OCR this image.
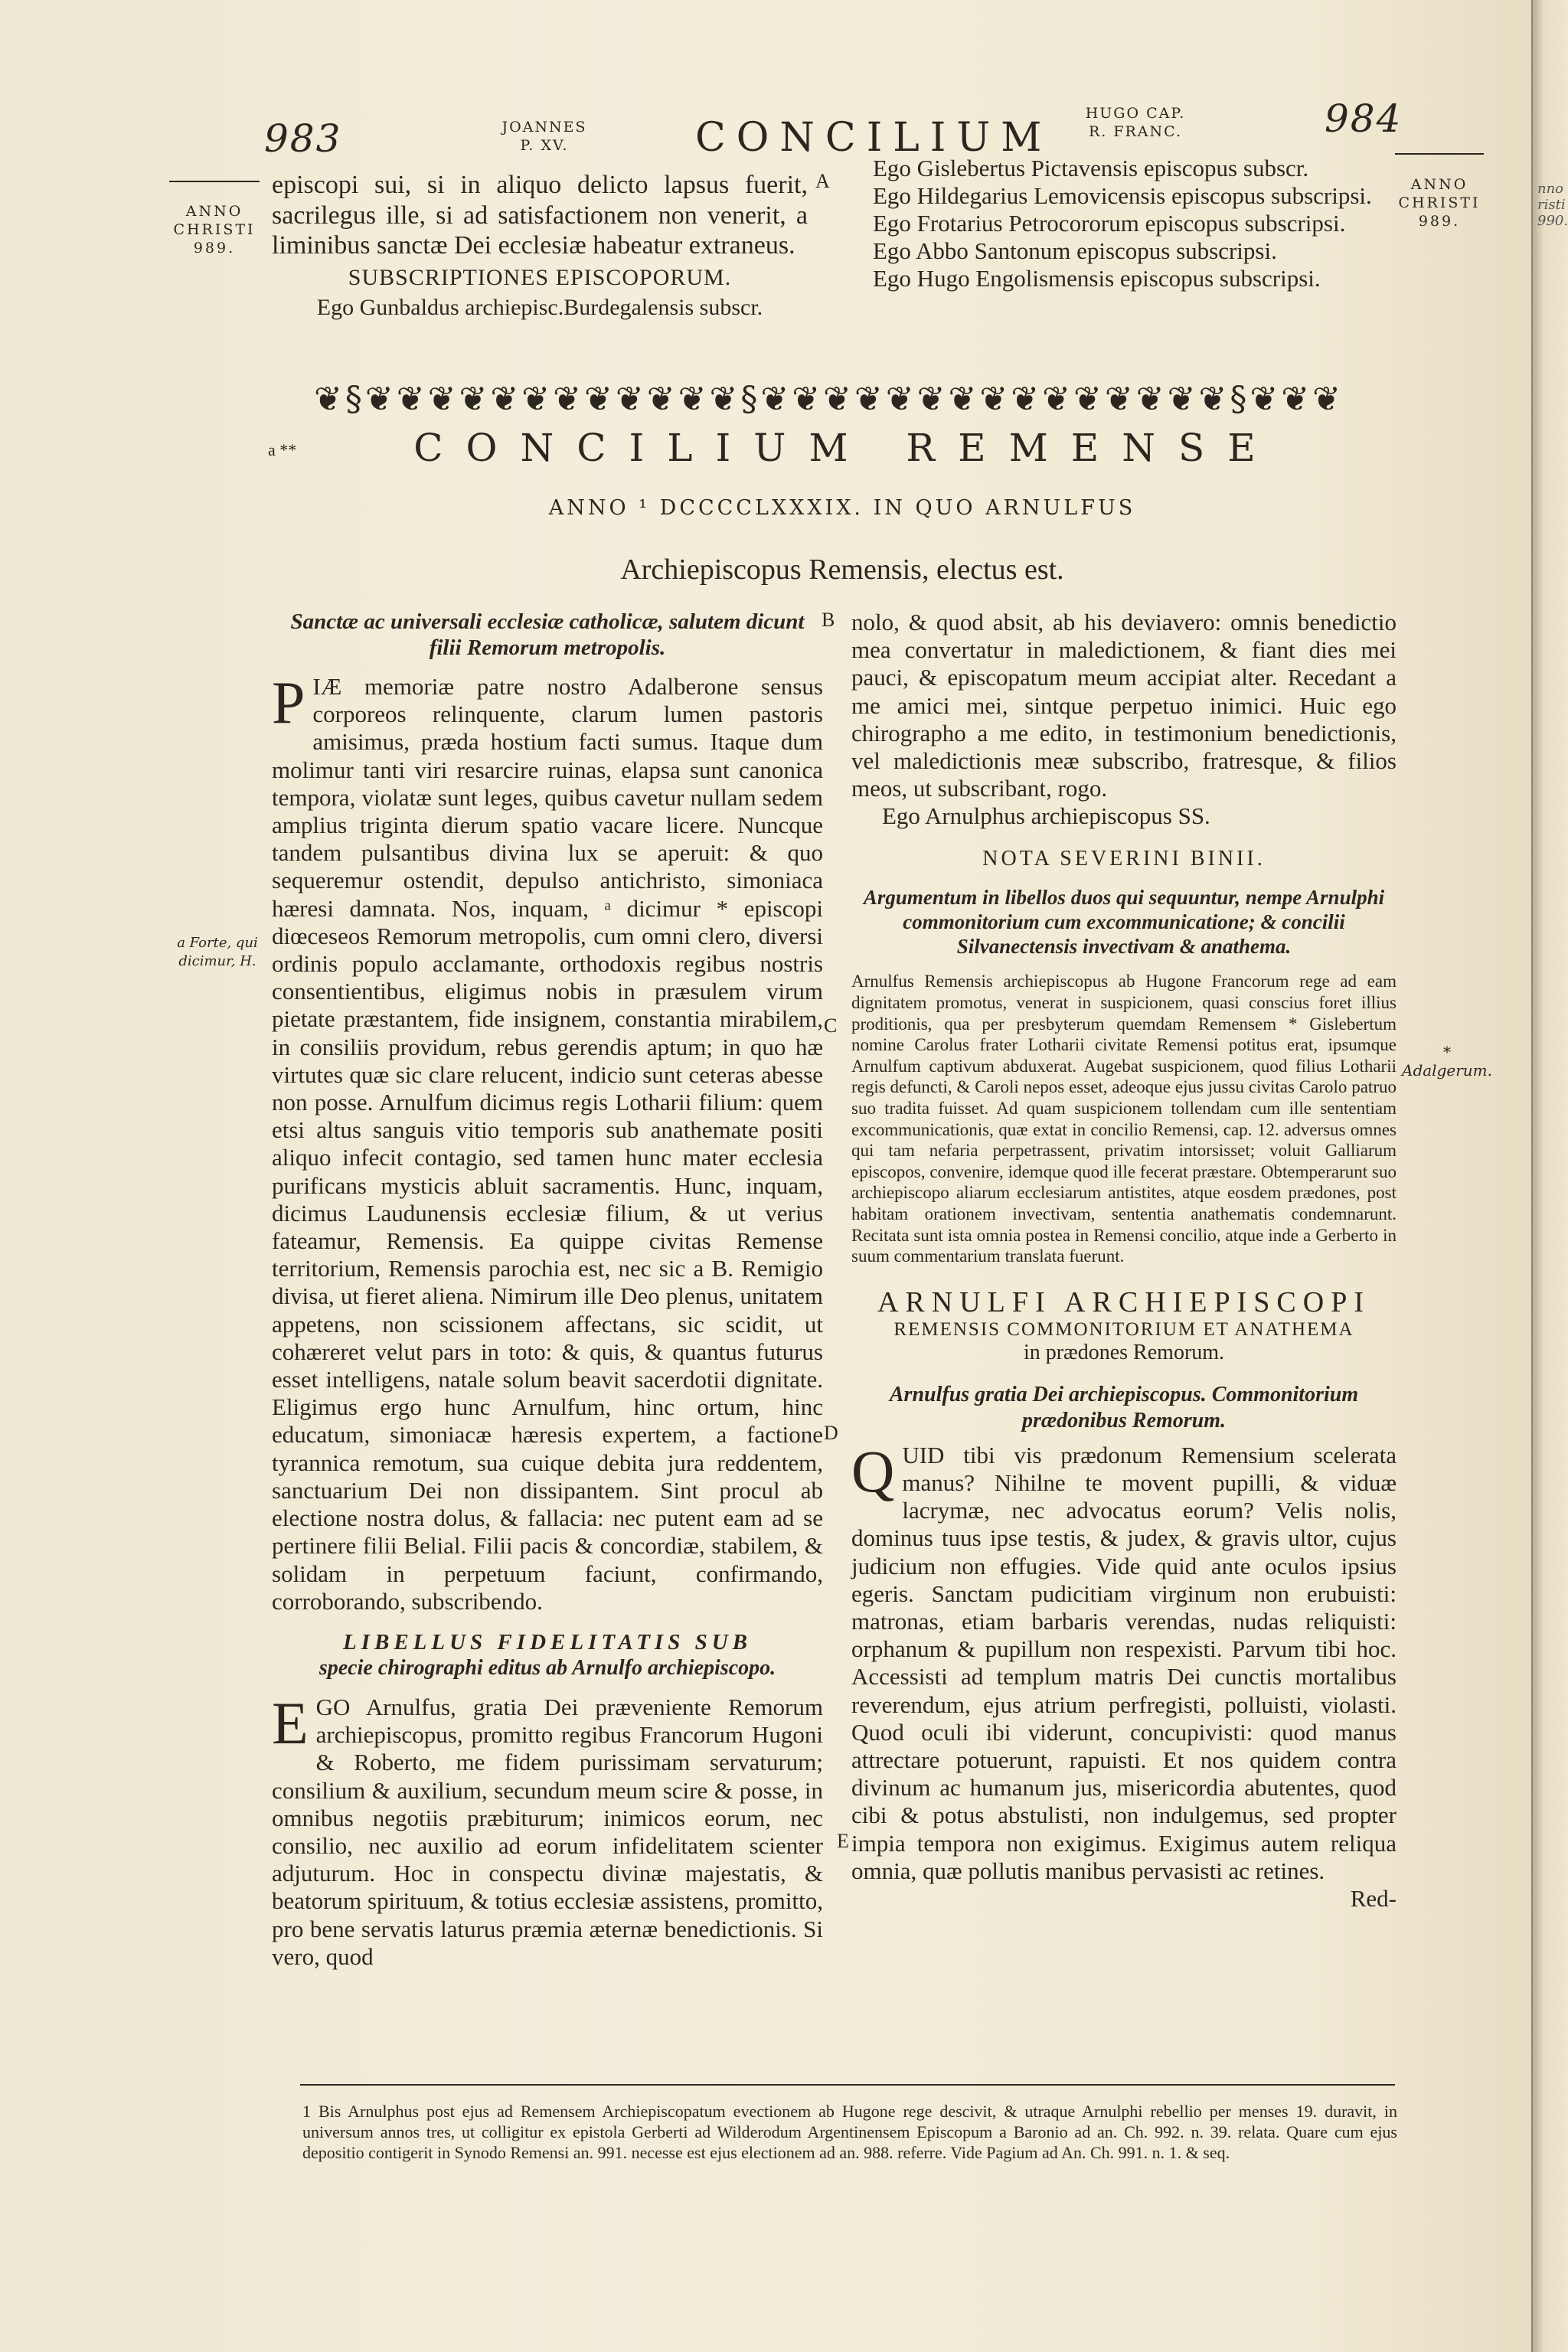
nno
risti
990.
983	JOANNES
P. XV.	CONCILIUM
HUGO CAP.
R. FRANC.	984

ANNO
CHRISTI
989.

ANNO
CHRISTI
989.

A
B
C
D
E
a **

episcopi sui, si in aliquo delicto lapsus fuerit, sacrilegus ille, si ad satisfactionem non venerit, a liminibus sanctæ Dei ecclesiæ habeatur extraneus.

SUBSCRIPTIONES EPISCOPORUM.

Ego Gunbaldus archiepisc.Burdegalensis subscr.

Ego Gislebertus Pictavensis episcopus subscr.

Ego Hildegarius Lemovicensis episcopus subscripsi.

Ego Frotarius Petrocororum episcopus subscripsi.

Ego Abbo Santonum episcopus subscripsi.

Ego Hugo Engolismensis episcopus subscripsi.

❦§❦❦❦❦❦❦❦❦❦❦❦❦§❦❦❦❦❦❦❦❦❦❦❦❦❦❦❦§❦❦❦
CONCILIUM REMENSE
ANNO ¹ DCCCCLXXXIX. IN QUO ARNULFUS
Archiepiscopus Remensis, electus est.

Sanctæ ac universali ecclesiæ catholicæ, salutem dicunt filii Remorum metropolis.

P IÆ memoriæ patre nostro Adalberone sensus corporeos relinquente, clarum lumen pastoris amisimus, præda hostium facti sumus. Itaque dum molimur tanti viri resarcire ruinas, elapsa sunt canonica tempora, violatæ sunt leges, quibus cavetur nullam sedem amplius triginta dierum spatio vacare licere. Nuncque tandem pulsantibus divina lux se aperuit: & quo sequeremur ostendit, depulso antichristo, simoniaca hæresi damnata. Nos, inquam, ᵃ dicimur * episcopi diœceseos Remorum metropolis, cum omni clero, diversi ordinis populo acclamante, orthodoxis regibus nostris consentientibus, eligimus nobis in præsulem virum pietate præstantem, fide insignem, constantia mirabilem, in consiliis providum, rebus gerendis aptum; in quo hæ virtutes quæ sic clare relucent, indicio sunt ceteras abesse non posse. Arnulfum dicimus regis Lotharii filium: quem etsi altus sanguis vitio temporis sub anathemate positi aliquo infecit contagio, sed tamen hunc mater ecclesia purificans mysticis abluit sacramentis. Hunc, inquam, dicimus Laudunensis ecclesiæ filium, & ut verius fateamur, Remensis. Ea quippe civitas Remense territorium, Remensis parochia est, nec sic a B. Remigio divisa, ut fieret aliena. Nimirum ille Deo plenus, unitatem appetens, non scissionem affectans, sic scidit, ut cohæreret velut pars in toto: & quis, & quantus futurus esset intelligens, natale solum beavit sacerdotii dignitate. Eligimus ergo hunc Arnulfum, hinc ortum, hinc educatum, simoniacæ hæresis expertem, a factione tyrannica remotum, sua cuique debita jura reddentem, sanctuarium Dei non dissipantem. Sint procul ab electione nostra dolus, & fallacia: nec putent eam ad se pertinere filii Belial. Filii pacis & concordiæ, stabilem, & solidam in perpetuum faciunt, confirmando, corroborando, subscribendo.

LIBELLUS FIDELITATIS SUB

specie chirographi editus ab Arnulfo archiepiscopo.

E GO Arnulfus, gratia Dei præveniente Remorum archiepiscopus, promitto regibus Francorum Hugoni & Roberto, me fidem purissimam servaturum; consilium & auxilium, secundum meum scire & posse, in omnibus negotiis præbiturum; inimicos eorum, nec consilio, nec auxilio ad eorum infidelitatem scienter adjuturum. Hoc in conspectu divinæ majestatis, & beatorum spirituum, & totius ecclesiæ assistens, promitto, pro bene servatis laturus præmia æternæ benedictionis. Si vero, quod
a Forte, qui dicimur, H.

nolo, & quod absit, ab his deviavero: omnis benedictio mea convertatur in maledictionem, & fiant dies mei pauci, & episcopatum meum accipiat alter. Recedant a me amici mei, sintque perpetuo inimici. Huic ego chirographo a me edito, in testimonium benedictionis, vel maledictionis meæ subscribo, fratresque, & filios meos, ut subscribant, rogo.

Ego Arnulphus archiepiscopus SS.

NOTA SEVERINI BINII.

Argumentum in libellos duos qui sequuntur, nempe Arnulphi commonitorium cum excommunicatione; & concilii Silvanectensis invectivam & anathema.

Arnulfus Remensis archiepiscopus ab Hugone Francorum rege ad eam dignitatem promotus, venerat in suspicionem, quasi conscius foret illius proditionis, qua per presbyterum quemdam Remensem * Gislebertum nomine Carolus frater Lotharii civitate Remensi potitus erat, ipsumque Arnulfum captivum abduxerat. Augebat suspicionem, quod filius Lotharii regis defuncti, & Caroli nepos esset, adeoque ejus jussu civitas Carolo patruo suo tradita fuisset. Ad quam suspicionem tollendam cum ille sententiam excommunicationis, quæ extat in concilio Remensi, cap. 12. adversus omnes qui tam nefaria perpetrassent, privatim intorsisset; voluit Galliarum episcopos, convenire, idemque quod ille fecerat præstare. Obtemperarunt suo archiepiscopo aliarum ecclesiarum antistites, atque eosdem prædones, post habitam orationem invectivam, sententia anathematis condemnarunt. Recitata sunt ista omnia postea in Remensi concilio, atque inde a Gerberto in suum commentarium translata fuerunt.

ARNULFI ARCHIEPISCOPI

REMENSIS COMMONITORIUM ET ANATHEMA

in prædones Remorum.

Arnulfus gratia Dei archiepiscopus. Commonitorium prædonibus Remorum.

Q UID tibi vis prædonum Remensium scelerata manus? Nihilne te movent pupilli, & viduæ lacrymæ, nec advocatus eorum? Velis nolis, dominus tuus ipse testis, & judex, & gravis ultor, cujus judicium non effugies. Vide quid ante oculos ipsius egeris. Sanctam pudicitiam virginum non erubuisti: matronas, etiam barbaris verendas, nudas reliquisti: orphanum & pupillum non respexisti. Parvum tibi hoc. Accessisti ad templum matris Dei cunctis mortalibus reverendum, ejus atrium perfregisti, polluisti, violasti. Quod oculi ibi viderunt, concupivisti: quod manus attrectare potuerunt, rapuisti. Et nos quidem contra divinum ac humanum jus, misericordia abutentes, quod cibi & potus abstulisti, non indulgemus, sed propter impia tempora non exigimus. Exigimus autem reliqua omnia, quæ pollutis manibus pervasisti ac retines.

Red-

* Adalgerum.
1 Bis Arnulphus post ejus ad Remensem Archiepiscopatum evectionem ab Hugone rege descivit, & utraque Arnulphi rebellio per menses 19. duravit, in universum annos tres, ut colligitur ex epistola Gerberti ad Wilderodum Argentinensem Episcopum a Baronio ad an. Ch. 992. n. 39. relata. Quare cum ejus depositio contigerit in Synodo Remensi an. 991. necesse est ejus electionem ad an. 988. referre. Vide Pagium ad An. Ch. 991. n. 1. & seq.
